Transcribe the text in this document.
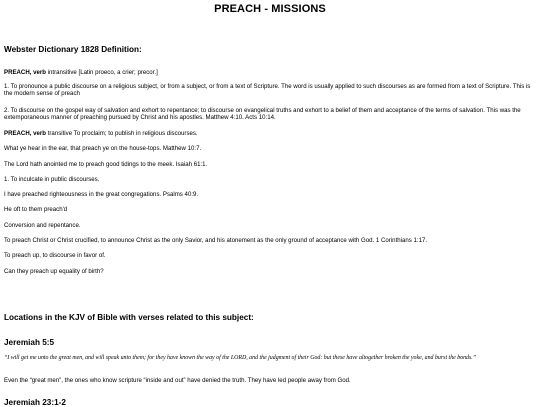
PREACH - MISSIONS
Webster Dictionary 1828 Definition:
PREACH, verb intransitive [Latin proeco, a crier; precor.]
1. To pronounce a public discourse on a religious subject, or from a subject, or from a text of Scripture. The word is usually applied to such discourses as are formed from a text of Scripture. This is the modern sense of preach
2. To discourse on the gospel way of salvation and exhort to repentance; to discourse on evangelical truths and exhort to a belief of them and acceptance of the terms of salvation. This was the extemporaneous manner of preaching pursued by Christ and his apostles. Matthew 4:10. Acts 10:14.
PREACH, verb transitive To proclaim; to publish in religious discourses.
What ye hear in the ear, that preach ye on the house-tops. Matthew 10:7.
The Lord hath anointed me to preach good tidings to the meek. Isaiah 61:1.
1. To inculcate in public discourses.
I have preached righteousness in the great congregations. Psalms 40:9.
He oft to them preach'd
Conversion and repentance.
To preach Christ or Christ crucified, to announce Christ as the only Savior, and his atonement as the only ground of acceptance with God. 1 Corinthians 1:17.
To preach up, to discourse in favor of.
Can they preach up equality of birth?
Locations in the KJV of Bible with verses related to this subject:
Jeremiah 5:5
“I will get me unto the great men, and will speak unto them; for they have known the way of the LORD, and the judgment of their God: but these have altogether broken the yoke, and burst the bonds.”
Even the “great men”, the ones who know scripture “inside and out” have denied the truth. They have led people away from God.
Jeremiah 23:1-2
